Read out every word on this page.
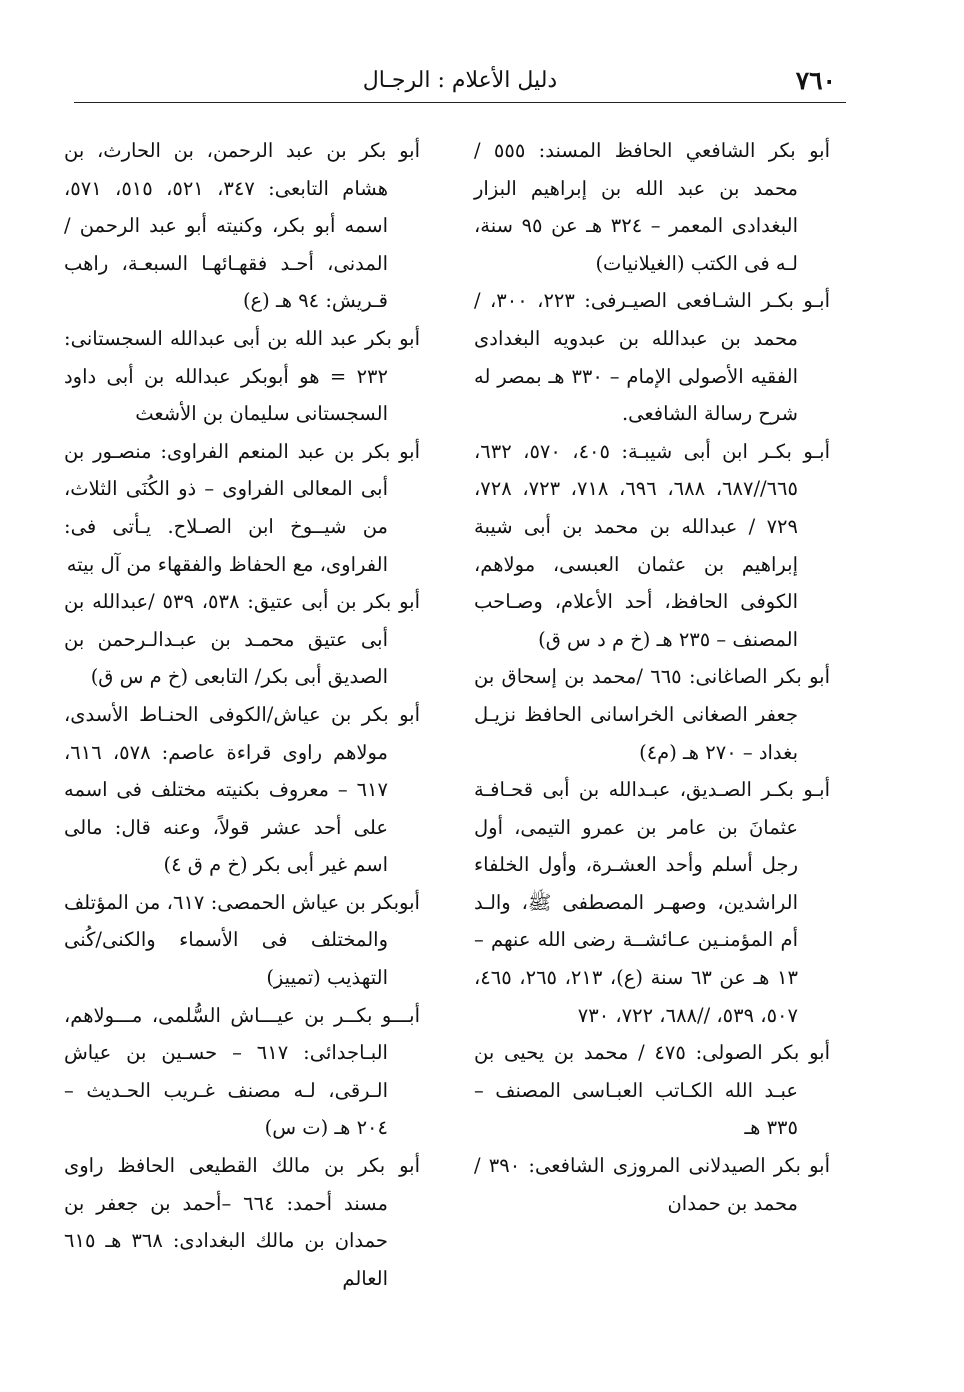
٧٦٠
دليل الأعلام : الرجـال

أبو بكر الشافعي الحافظ المسند: ٥٥٥ / محمد بن عبد الله بن إبراهيم البزار البغدادى المعمر – ٣٢٤ هـ عن ٩٥ سنة، لـه فى الكتب (الغيلانيات)

أبـو بكـر الشـافعى الصيـرفى: ٢٢٣، ٣٠٠، / محمد بن عبدالله بن عبدويه البغدادى الفقيه الأصولى الإمام – ٣٣٠ هـ بمصر له شرح رسالة الشافعى.

أبـو بكـر ابن أبى شيبـة: ٤٠٥، ٥٧٠، ٦٣٢، ٦٦٥//٦٨٧، ٦٨٨، ٦٩٦، ٧١٨، ٧٢٣، ٧٢٨، ٧٢٩ / عبدالله بن محمد بن أبى شيبة إبراهيم بن عثمان العبسى، مولاهم، الكوفى الحافظ، أحد الأعلام، وصـاحب المصنف – ٢٣٥ هـ (خ م د س ق)

أبو بكر الصاغانى: ٦٦٥ /محمد بن إسحاق بن جعفر الصغانى الخراسانى الحافظ نزيـل بغداد – ٢٧٠ هـ (م٤)

أبـو بكـر الصـديق، عبـدالله بن أبى قحـافـة عثمانَ بن عامر بن عمرو التيمى، أول رجل أسلم وأحد العشـرة، وأول الخلفاء الراشدين، وصهـر المصطفى ﷺ، والـد أم المؤمنـين عـائشــة رضى الله عنهم – ١٣ هـ عن ٦٣ سنة (ع)، ٢١٣، ٢٦٥، ٤٦٥، ٥٠٧، ٥٣٩، //٦٨٨، ٧٢٢، ٧٣٠

أبو بكر الصولى: ٤٧٥ / محمد بن يحيى بن عبـد الله الكـاتب العبـاسى المصنف – ٣٣٥ هـ

أبو بكر الصيدلانى المروزى الشافعى: ٣٩٠ / محمد بن حمدان

أبو بكر بن عبد الرحمن، بن الحارث، بن هشام التابعى: ٣٤٧، ٥٢١، ٥١٥، ٥٧١، اسمه أبو بكر، وكنيته أبو عبد الرحمن /المدنى، أحـد فقهـائهـا السبعـة، راهب قـريش: ٩٤ هـ (ع)

أبو بكر عبد الله بن أبى عبدالله السجستانى: ٢٣٢ = هو أبوبكر عبدالله بن أبى داود السجستانى سليمان بن الأشعث

أبو بكر بن عبد المنعم الفراوى: منصـور بن أبى المعالى الفراوى – ذو الكُنَى الثلاث، من شيــوخ ابن الصـلاح. يـأتى فى: الفراوى، مع الحفاظ والفقهاء من آل بيته

أبو بكر بن أبى عتيق: ٥٣٨، ٥٣٩ /عبدالله بن أبى عتيق محمـد بن عبـدالـرحمن بن الصديق أبى بكر/ التابعى (خ م س ق)

أبو بكر بن عياش/الكوفى الحنـاط الأسدى، مولاهم راوى قراءة عاصم: ٥٧٨، ٦١٦، ٦١٧ – معروف بكنيته مختلف فى اسمه على أحد عشر قولاً، وعنه قال: مالى اسم غير أبى بكر (خ م ق ٤)

أبوبكر بن عياش الحمصى: ٦١٧، من المؤتلف والمختلف فى الأسماء والكنى/كُنى التهذيب (تمييز)

أبـــو بكــر بن عيـــاش السُّلمى، مـــولاهم، البـاجدائى: ٦١٧ – حسـين بن عياش الـرقى، لـه مصنف غـريب الحـديث – ٢٠٤ هـ (ت س)

أبو بكر بن مالك القطيعى الحافظ راوى مسند أحمد: ٦٦٤ –أحمد بن جعفر بن حمدان بن مالك البغدادى: ٣٦٨ هـ ٦١٥ العالم
